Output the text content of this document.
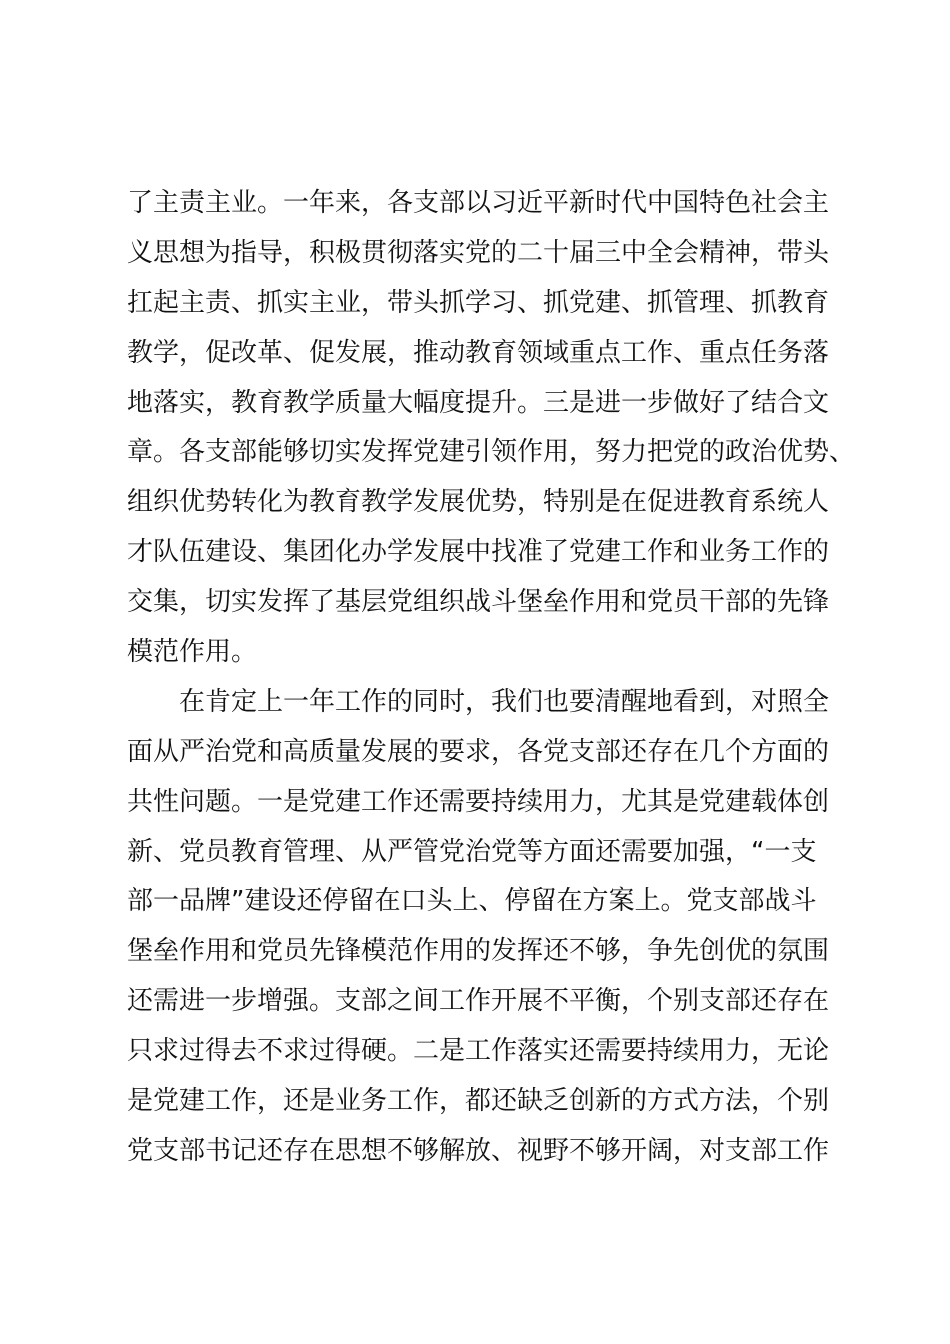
了主责主业。一年来，各支部以习近平新时代中国特色社会主
义思想为指导，积极贯彻落实党的二十届三中全会精神，带头
扛起主责、抓实主业，带头抓学习、抓党建、抓管理、抓教育
教学，促改革、促发展，推动教育领域重点工作、重点任务落
地落实，教育教学质量大幅度提升。三是进一步做好了结合文
章。各支部能够切实发挥党建引领作用，努力把党的政治优势、
组织优势转化为教育教学发展优势，特别是在促进教育系统人
才队伍建设、集团化办学发展中找准了党建工作和业务工作的
交集，切实发挥了基层党组织战斗堡垒作用和党员干部的先锋
模范作用。
在肯定上一年工作的同时，我们也要清醒地看到，对照全
面从严治党和高质量发展的要求，各党支部还存在几个方面的
共性问题。一是党建工作还需要持续用力，尤其是党建载体创
新、党员教育管理、从严管党治党等方面还需要加强，“一支
部一品牌”建设还停留在口头上、停留在方案上。党支部战斗
堡垒作用和党员先锋模范作用的发挥还不够，争先创优的氛围
还需进一步增强。支部之间工作开展不平衡，个别支部还存在
只求过得去不求过得硬。二是工作落实还需要持续用力，无论
是党建工作，还是业务工作，都还缺乏创新的方式方法，个别
党支部书记还存在思想不够解放、视野不够开阔，对支部工作
